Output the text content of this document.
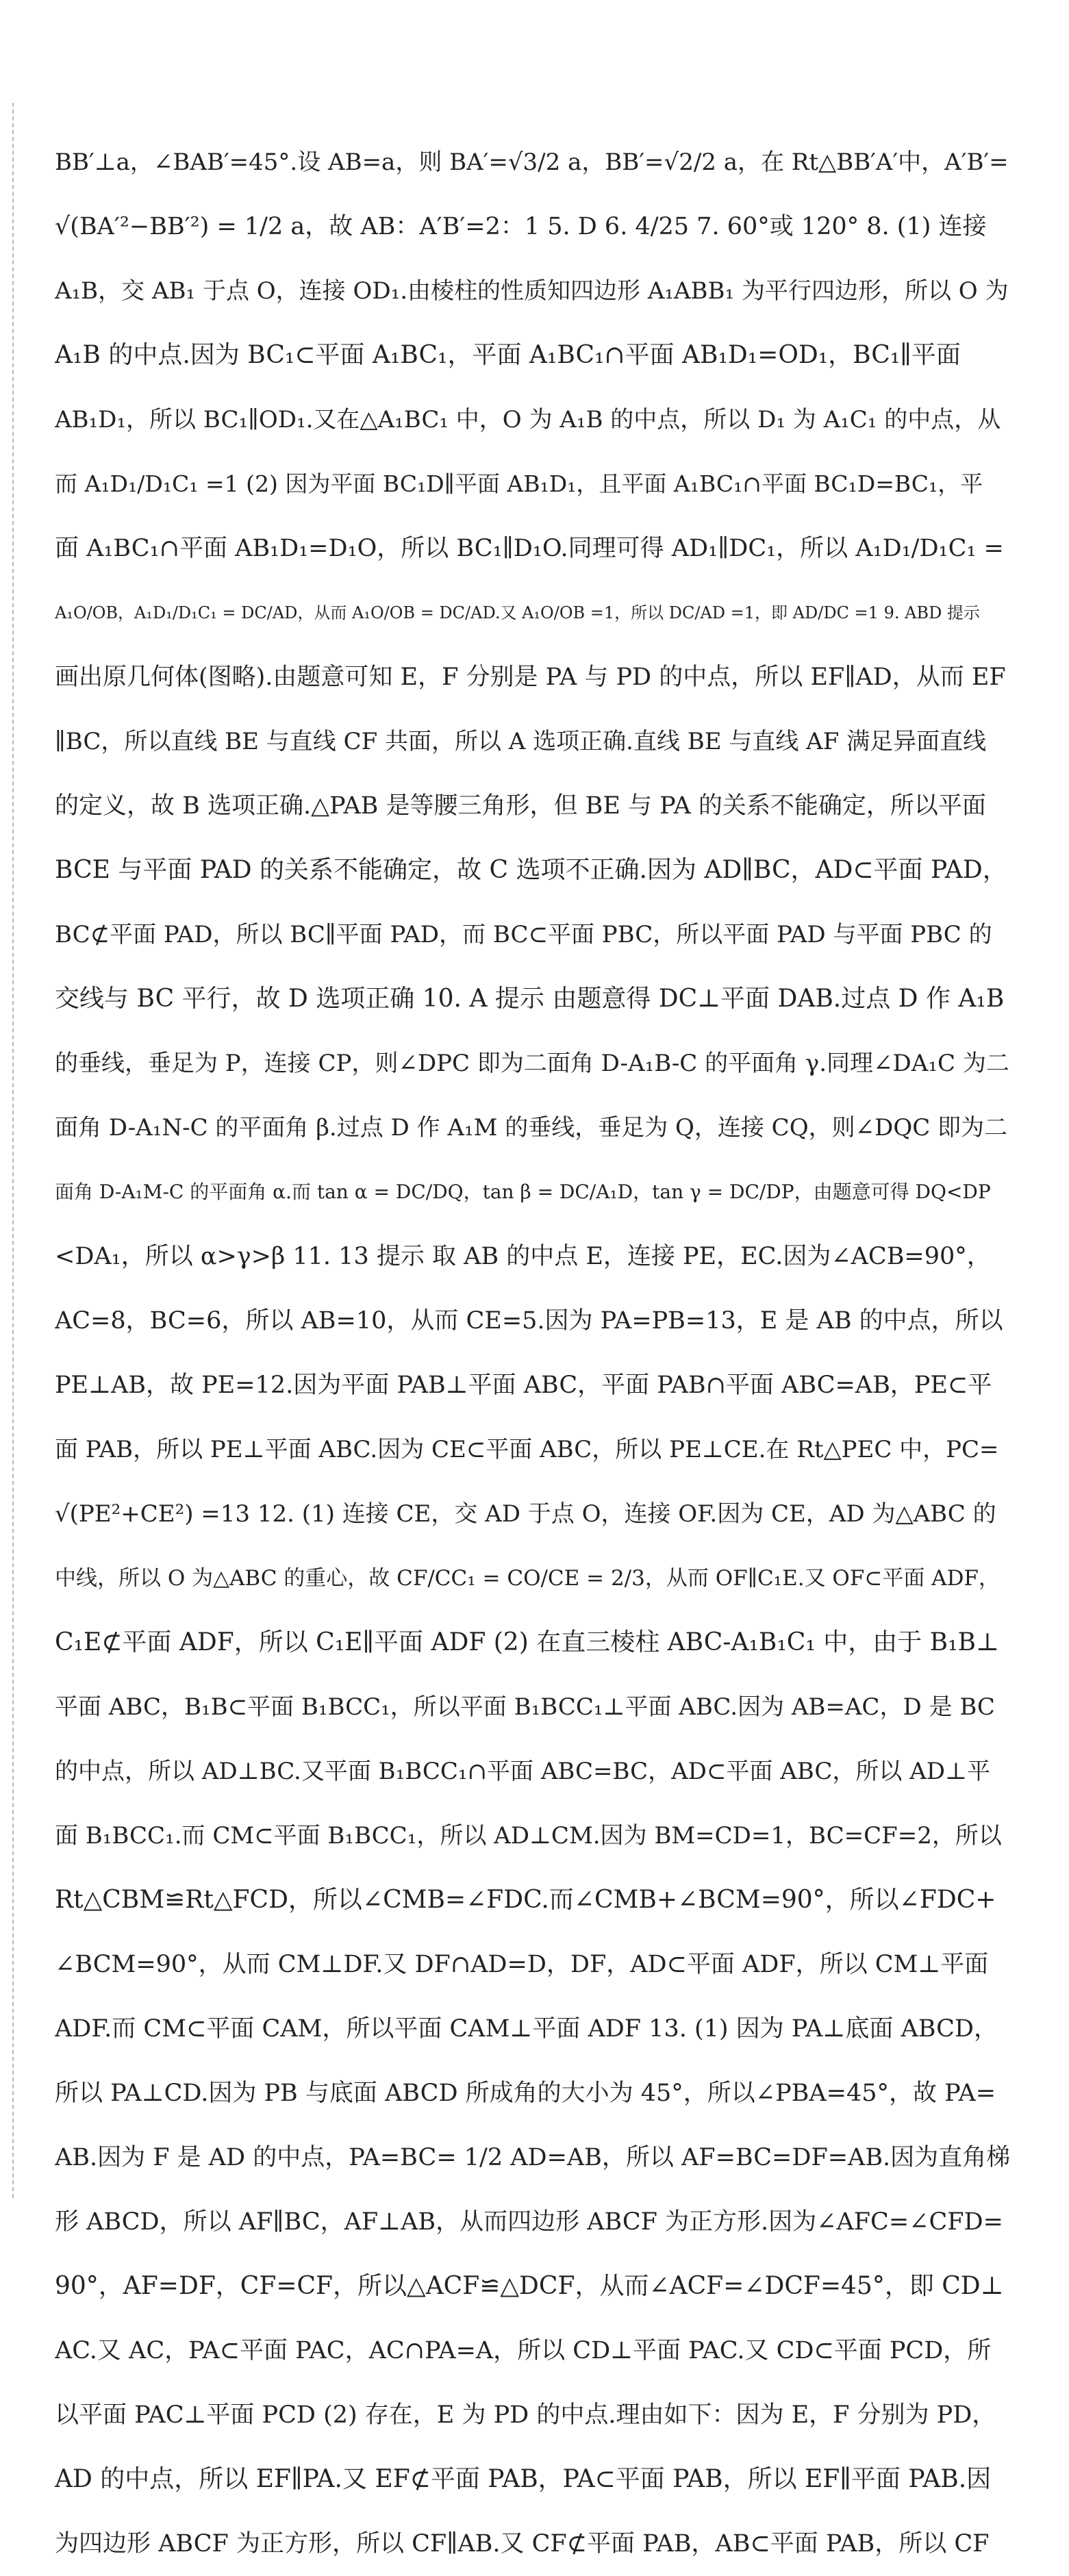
BB′⊥a，∠BAB′=45°.设 AB=a，则 BA′=√3/2 a，BB′=√2/2 a，在 Rt△BB′A′中，A′B′=
√(BA′²−BB′²) = 1/2 a，故 AB：A′B′=2：1 5. D 6. 4/25 7. 60°或 120° 8. (1) 连接
A₁B，交 AB₁ 于点 O，连接 OD₁.由棱柱的性质知四边形 A₁ABB₁ 为平行四边形，所以 O 为
A₁B 的中点.因为 BC₁⊂平面 A₁BC₁，平面 A₁BC₁∩平面 AB₁D₁=OD₁，BC₁∥平面
AB₁D₁，所以 BC₁∥OD₁.又在△A₁BC₁ 中，O 为 A₁B 的中点，所以 D₁ 为 A₁C₁ 的中点，从
而 A₁D₁/D₁C₁ =1 (2) 因为平面 BC₁D∥平面 AB₁D₁，且平面 A₁BC₁∩平面 BC₁D=BC₁，平
面 A₁BC₁∩平面 AB₁D₁=D₁O，所以 BC₁∥D₁O.同理可得 AD₁∥DC₁，所以 A₁D₁/D₁C₁ =
A₁O/OB，A₁D₁/D₁C₁ = DC/AD，从而 A₁O/OB = DC/AD.又 A₁O/OB =1，所以 DC/AD =1，即 AD/DC =1 9. ABD 提示
画出原几何体(图略).由题意可知 E，F 分别是 PA 与 PD 的中点，所以 EF∥AD，从而 EF
∥BC，所以直线 BE 与直线 CF 共面，所以 A 选项正确.直线 BE 与直线 AF 满足异面直线
的定义，故 B 选项正确.△PAB 是等腰三角形，但 BE 与 PA 的关系不能确定，所以平面
BCE 与平面 PAD 的关系不能确定，故 C 选项不正确.因为 AD∥BC，AD⊂平面 PAD，
BC⊄平面 PAD，所以 BC∥平面 PAD，而 BC⊂平面 PBC，所以平面 PAD 与平面 PBC 的
交线与 BC 平行，故 D 选项正确 10. A 提示 由题意得 DC⊥平面 DAB.过点 D 作 A₁B
的垂线，垂足为 P，连接 CP，则∠DPC 即为二面角 D-A₁B-C 的平面角 γ.同理∠DA₁C 为二
面角 D-A₁N-C 的平面角 β.过点 D 作 A₁M 的垂线，垂足为 Q，连接 CQ，则∠DQC 即为二
面角 D-A₁M-C 的平面角 α.而 tan α = DC/DQ，tan β = DC/A₁D，tan γ = DC/DP，由题意可得 DQ<DP
<DA₁，所以 α>γ>β 11. 13 提示 取 AB 的中点 E，连接 PE，EC.因为∠ACB=90°，
AC=8，BC=6，所以 AB=10，从而 CE=5.因为 PA=PB=13，E 是 AB 的中点，所以
PE⊥AB，故 PE=12.因为平面 PAB⊥平面 ABC，平面 PAB∩平面 ABC=AB，PE⊂平
面 PAB，所以 PE⊥平面 ABC.因为 CE⊂平面 ABC，所以 PE⊥CE.在 Rt△PEC 中，PC=
√(PE²+CE²) =13 12. (1) 连接 CE，交 AD 于点 O，连接 OF.因为 CE，AD 为△ABC 的
中线，所以 O 为△ABC 的重心，故 CF/CC₁ = CO/CE = 2/3，从而 OF∥C₁E.又 OF⊂平面 ADF，
C₁E⊄平面 ADF，所以 C₁E∥平面 ADF (2) 在直三棱柱 ABC-A₁B₁C₁ 中，由于 B₁B⊥
平面 ABC，B₁B⊂平面 B₁BCC₁，所以平面 B₁BCC₁⊥平面 ABC.因为 AB=AC，D 是 BC
的中点，所以 AD⊥BC.又平面 B₁BCC₁∩平面 ABC=BC，AD⊂平面 ABC，所以 AD⊥平
面 B₁BCC₁.而 CM⊂平面 B₁BCC₁，所以 AD⊥CM.因为 BM=CD=1，BC=CF=2，所以
Rt△CBM≌Rt△FCD，所以∠CMB=∠FDC.而∠CMB+∠BCM=90°，所以∠FDC+
∠BCM=90°，从而 CM⊥DF.又 DF∩AD=D，DF，AD⊂平面 ADF，所以 CM⊥平面
ADF.而 CM⊂平面 CAM，所以平面 CAM⊥平面 ADF 13. (1) 因为 PA⊥底面 ABCD，
所以 PA⊥CD.因为 PB 与底面 ABCD 所成角的大小为 45°，所以∠PBA=45°，故 PA=
AB.因为 F 是 AD 的中点，PA=BC= 1/2 AD=AB，所以 AF=BC=DF=AB.因为直角梯
形 ABCD，所以 AF∥BC，AF⊥AB，从而四边形 ABCF 为正方形.因为∠AFC=∠CFD=
90°，AF=DF，CF=CF，所以△ACF≌△DCF，从而∠ACF=∠DCF=45°，即 CD⊥
AC.又 AC，PA⊂平面 PAC，AC∩PA=A，所以 CD⊥平面 PAC.又 CD⊂平面 PCD，所
以平面 PAC⊥平面 PCD (2) 存在，E 为 PD 的中点.理由如下：因为 E，F 分别为 PD，
AD 的中点，所以 EF∥PA.又 EF⊄平面 PAB，PA⊂平面 PAB，所以 EF∥平面 PAB.因
为四边形 ABCF 为正方形，所以 CF∥AB.又 CF⊄平面 PAB，AB⊂平面 PAB，所以 CF
